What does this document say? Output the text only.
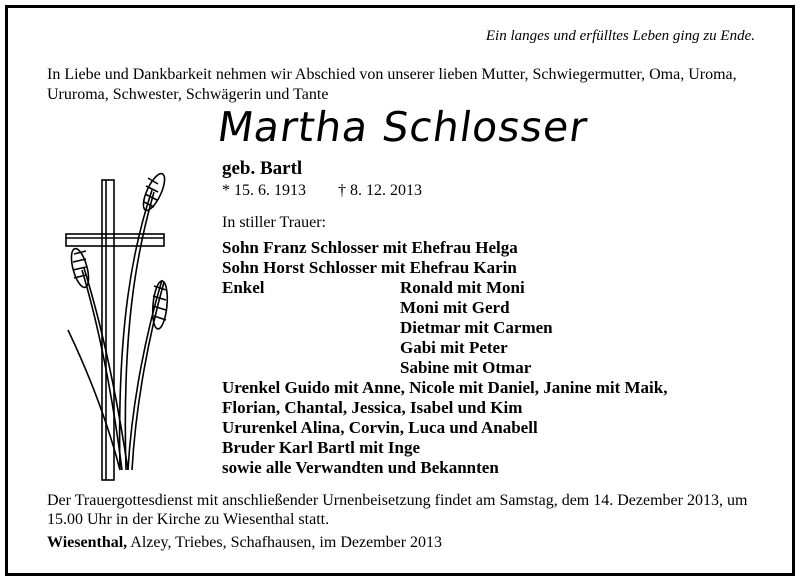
Ein langes und erfülltes Leben ging zu Ende.
In Liebe und Dankbarkeit nehmen wir Abschied von unserer lieben Mutter, Schwiegermutter, Oma, Uroma, Ururoma, Schwester, Schwägerin und Tante
Martha Schlosser
geb. Bartl
* 15. 6. 1913 † 8. 12. 2013
In stiller Trauer:
Sohn Franz Schlosser mit Ehefrau Helga
Sohn Horst Schlosser mit Ehefrau Karin
Enkel	Ronald mit Moni
Moni mit Gerd
Dietmar mit Carmen
Gabi mit Peter
Sabine mit Otmar
Urenkel Guido mit Anne, Nicole mit Daniel, Janine mit Maik,
Florian, Chantal, Jessica, Isabel und Kim
Ururenkel Alina, Corvin, Luca und Anabell
Bruder Karl Bartl mit Inge
sowie alle Verwandten und Bekannten
Der Trauergottesdienst mit anschließender Urnenbeisetzung findet am Samstag, dem 14. Dezember 2013, um 15.00 Uhr in der Kirche zu Wiesenthal statt.
Wiesenthal, Alzey, Triebes, Schafhausen, im Dezember 2013
